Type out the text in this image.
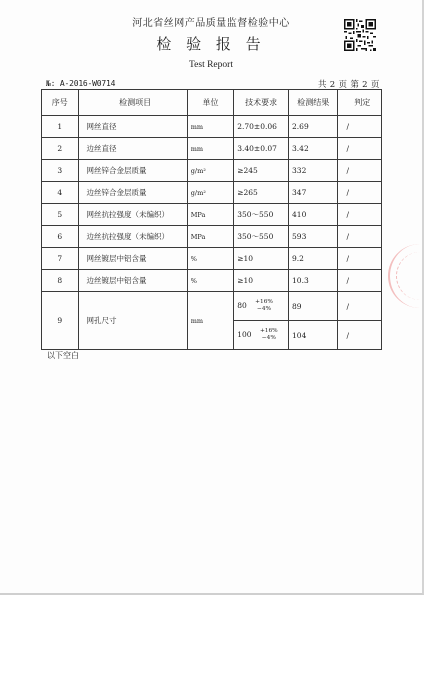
河北省丝网产品质量监督检验中心
检 验 报 告
Test Report
№: A-2016-W0714	共 2 页 第 2 页
序号	检测项目	单位	技术要求	检测结果	判定
1	网丝直径	mm	2.70±0.06	2.69	/
2	边丝直径	mm	3.40±0.07	3.42	/
3	网丝锌合金层质量	g/m²	≥245	332	/
4	边丝锌合金层质量	g/m²	≥265	347	/
5	网丝抗拉强度（未编织）	MPa	350～550	410	/
6	边丝抗拉强度（未编织）	MPa	350～550	593	/
7	网丝镀层中铝含量	%	≥10	9.2	/
8	边丝镀层中铝含量	%	≥10	10.3	/
9	网孔尺寸	mm	80 +16%
−4%	89	/
			100 +16%
−4%	104	/
以下空白
